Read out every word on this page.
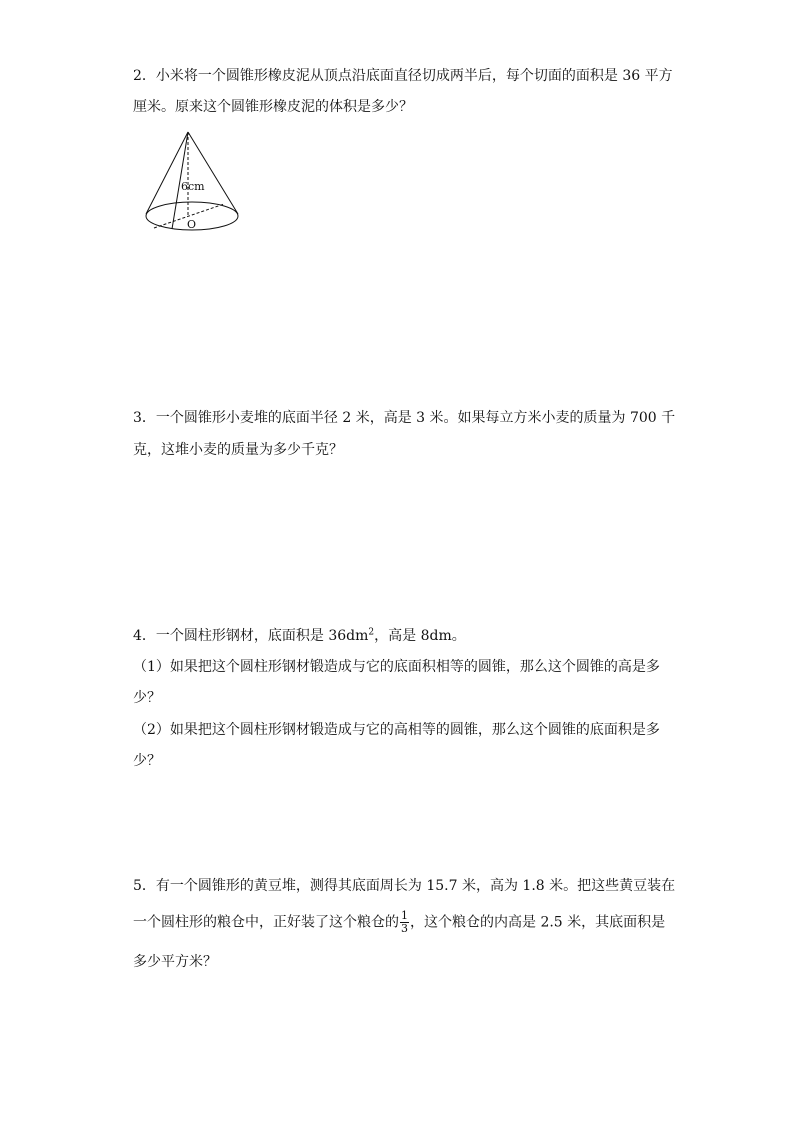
2．小米将一个圆锥形橡皮泥从顶点沿底面直径切成两半后，每个切面的面积是 36 平方
厘米。原来这个圆锥形橡皮泥的体积是多少？
6cm
O
3．一个圆锥形小麦堆的底面半径 2 米，高是 3 米。如果每立方米小麦的质量为 700 千
克，这堆小麦的质量为多少千克？
4．一个圆柱形钢材，底面积是 $36dm^2$，高是 8dm。
（1）如果把这个圆柱形钢材锻造成与它的底面积相等的圆锥，那么这个圆锥的高是多
少？
（2）如果把这个圆柱形钢材锻造成与它的高相等的圆锥，那么这个圆锥的底面积是多
少？
5．有一个圆锥形的黄豆堆，测得其底面周长为 15.7 米，高为 1.8 米。把这些黄豆装在
一个圆柱形的粮仓中，正好装了这个粮仓的 $\frac{1}{3}$ ，这个粮仓的内高是 2.5 米，其底面积是
多少平方米？
